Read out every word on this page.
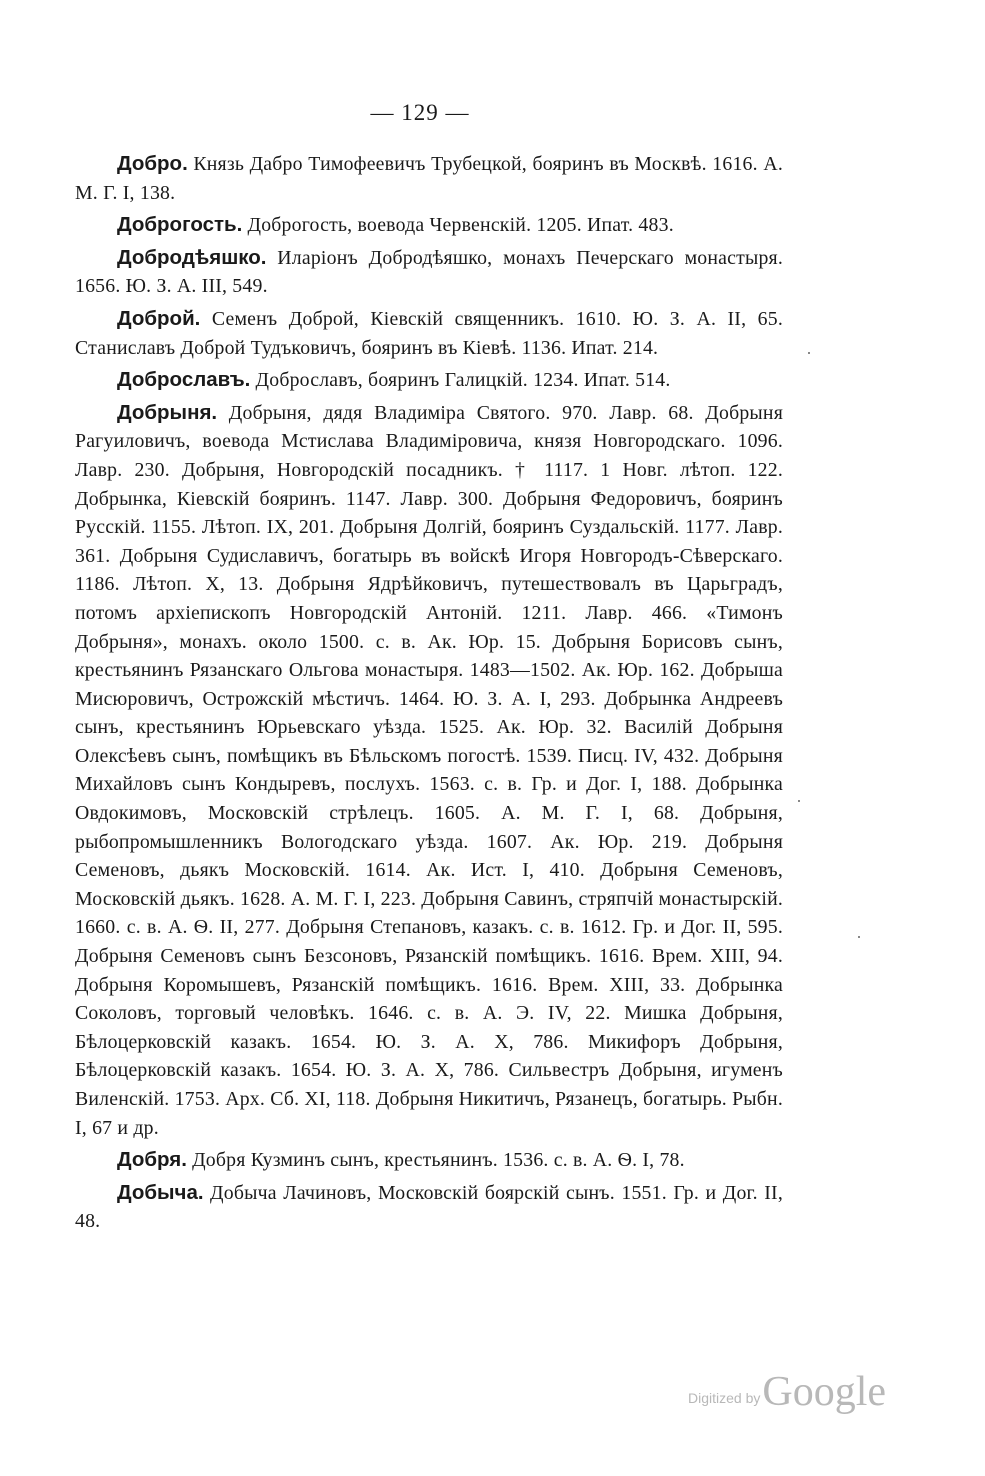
— 129 —

Добро. Князь Дабро Тимофеевичъ Трубецкой, бояринъ въ Москвѣ. 1616. А. М. Г. I, 138.

Доброгость. Доброгость, воевода Червенскій. 1205. Ипат. 483.

Добродѣяшко. Иларіонъ Добродѣяшко, монахъ Печерскаго монастыря. 1656. Ю. З. А. III, 549.

Доброй. Семенъ Доброй, Кіевскій священникъ. 1610. Ю. З. А. II, 65. Станиславъ Доброй Тудъковичъ, бояринъ въ Кіевѣ. 1136. Ипат. 214.

Доброславъ. Доброславъ, бояринъ Галицкій. 1234. Ипат. 514.

Добрыня. Добрыня, дядя Владиміра Святого. 970. Лавр. 68. Добрыня Рагуиловичъ, воевода Мстислава Владиміровича, князя Новгородскаго. 1096. Лавр. 230. Добрыня, Новгородскій посадникъ. † 1117. 1 Новг. лѣтоп. 122. Добрынка, Кіевскій бояринъ. 1147. Лавр. 300. Добрыня Федоровичъ, бояринъ Русскій. 1155. Лѣтоп. IX, 201. Добрыня Долгій, бояринъ Суздальскій. 1177. Лавр. 361. Добрыня Судиславичъ, богатырь въ войскѣ Игоря Новгородъ-Сѣверскаго. 1186. Лѣтоп. X, 13. Добрыня Ядрѣйковичъ, путешествовалъ въ Царьградъ, потомъ архіепископъ Новгородскій Антоній. 1211. Лавр. 466. «Тимонъ Добрыня», монахъ. около 1500. с. в. Ак. Юр. 15. Добрыня Борисовъ сынъ, крестьянинъ Рязанскаго Ольгова монастыря. 1483—1502. Ак. Юр. 162. Добрыша Мисюровичъ, Острожскій мѣстичъ. 1464. Ю. З. А. I, 293. Добрынка Андреевъ сынъ, крестьянинъ Юрьевскаго уѣзда. 1525. Ак. Юр. 32. Василій Добрыня Олексѣевъ сынъ, помѣщикъ въ Бѣльскомъ погостѣ. 1539. Писц. IV, 432. Добрыня Михайловъ сынъ Кондыревъ, послухъ. 1563. с. в. Гр. и Дог. I, 188. Добрынка Овдокимовъ, Московскій стрѣлецъ. 1605. А. М. Г. I, 68. Добрыня, рыбопромышленникъ Вологодскаго уѣзда. 1607. Ак. Юр. 219. Добрыня Семеновъ, дьякъ Московскій. 1614. Ак. Ист. I, 410. Добрыня Семеновъ, Московскій дьякъ. 1628. А. М. Г. I, 223. Добрыня Савинъ, стряпчій монастырскій. 1660. с. в. А. Ѳ. II, 277. Добрыня Степановъ, казакъ. с. в. 1612. Гр. и Дог. II, 595. Добрыня Семеновъ сынъ Безсоновъ, Рязанскій помѣщикъ. 1616. Врем. XIII, 94. Добрыня Коромышевъ, Рязанскій помѣщикъ. 1616. Врем. XIII, 33. Добрынка Соколовъ, торговый человѣкъ. 1646. с. в. А. Э. IV, 22. Мишка Добрыня, Бѣлоцерковскій казакъ. 1654. Ю. З. А. X, 786. Микифоръ Добрыня, Бѣлоцерковскій казакъ. 1654. Ю. З. А. X, 786. Сильвестръ Добрыня, игуменъ Виленскій. 1753. Арх. Сб. XI, 118. Добрыня Никитичъ, Рязанецъ, богатырь. Рыбн. I, 67 и др.

Добря. Добря Кузминъ сынъ, крестьянинъ. 1536. с. в. А. Ѳ. I, 78.

Добыча. Добыча Лачиновъ, Московскій боярскій сынъ. 1551. Гр. и Дог. II, 48.

Digitized byGoogle
